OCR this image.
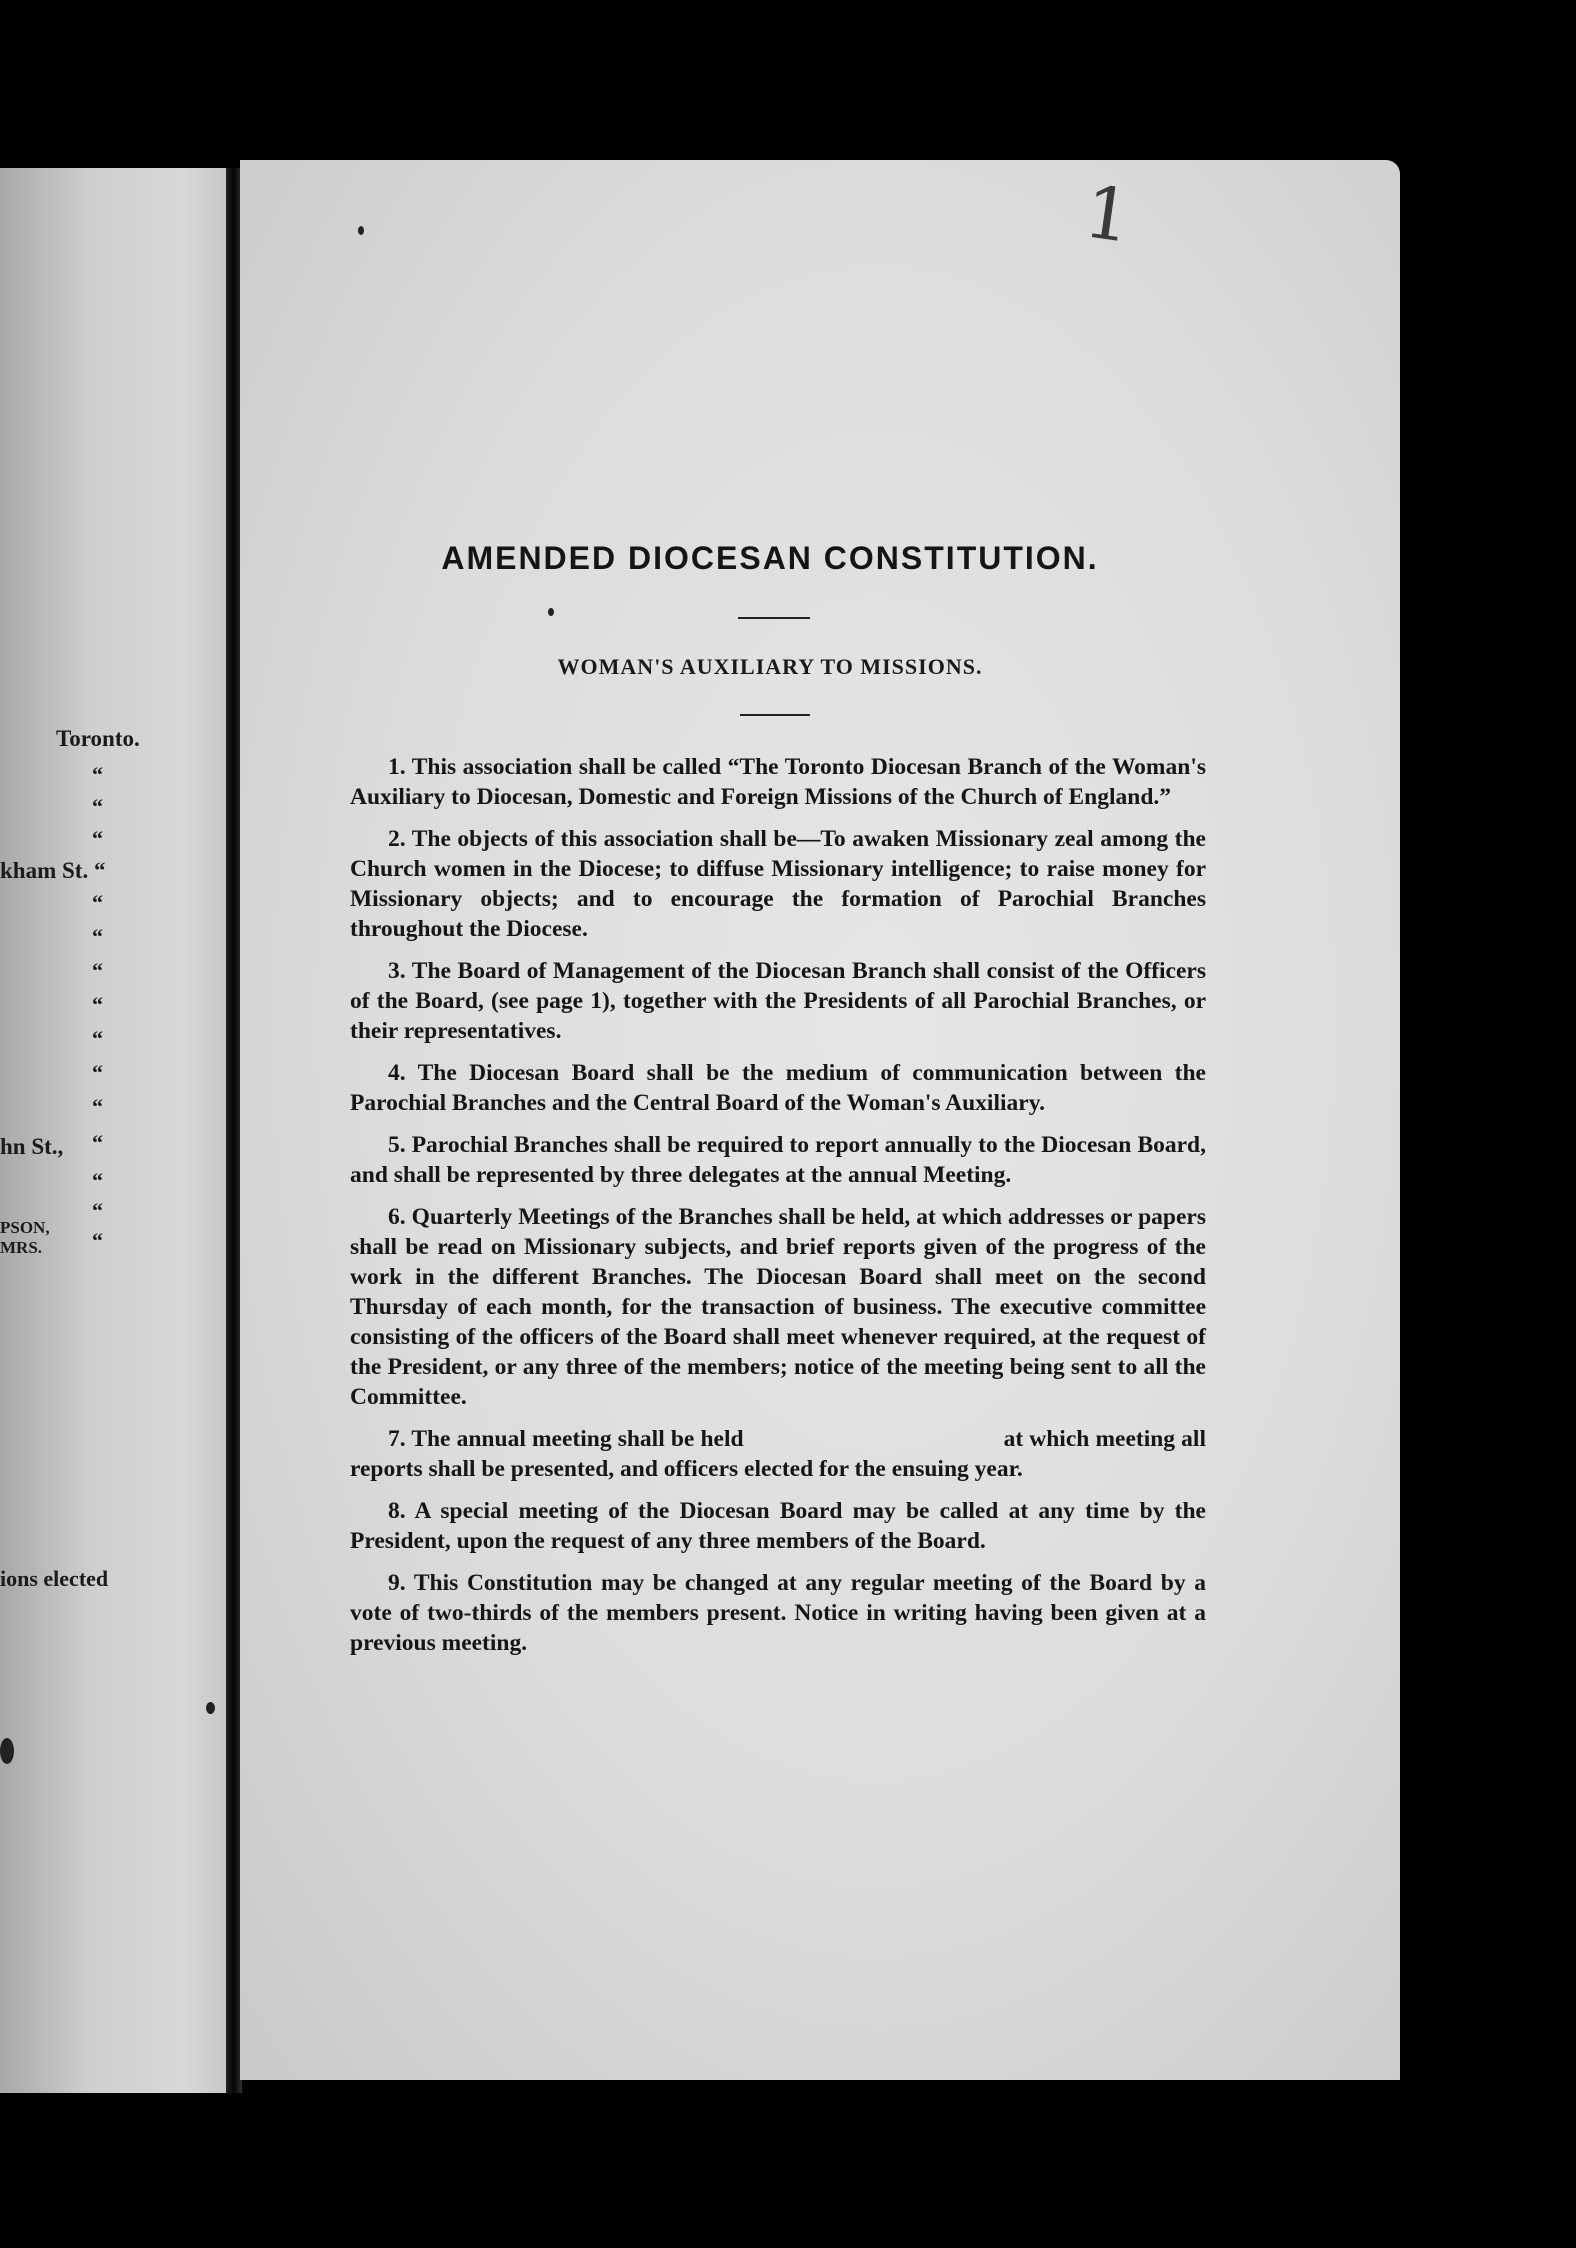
Toronto.
“
“
“
kham St. “
“
“
“
“
“
“
“
hn St., “
“
“
“
PSON,
MRS.
ions elected
1
AMENDED DIOCESAN CONSTITUTION.
WOMAN'S AUXILIARY TO MISSIONS.

1. This association shall be called “The Toronto Diocesan Branch of the Woman's Auxiliary to Diocesan, Domestic and Foreign Missions of the Church of England.”

2. The objects of this association shall be—To awaken Missionary zeal among the Church women in the Diocese; to diffuse Missionary intelligence; to raise money for Missionary objects; and to encourage the formation of Parochial Branches throughout the Diocese.

3. The Board of Management of the Diocesan Branch shall consist of the Officers of the Board, (see page 1), together with the Presidents of all Parochial Branches, or their representatives.

4. The Diocesan Board shall be the medium of communication between the Parochial Branches and the Central Board of the Woman's Auxiliary.

5. Parochial Branches shall be required to report annually to the Diocesan Board, and shall be represented by three delegates at the annual Meeting.

6. Quarterly Meetings of the Branches shall be held, at which addresses or papers shall be read on Missionary subjects, and brief reports given of the progress of the work in the different Branches. The Diocesan Board shall meet on the second Thursday of each month, for the transaction of business. The executive committee consisting of the officers of the Board shall meet whenever required, at the request of the President, or any three of the members; notice of the meeting being sent to all the Committee.

7. The annual meeting shall be held	at which meeting all reports shall be presented, and officers elected for the ensuing year.

8. A special meeting of the Diocesan Board may be called at any time by the President, upon the request of any three members of the Board.

9. This Constitution may be changed at any regular meeting of the Board by a vote of two-thirds of the members present. Notice in writing having been given at a previous meeting.
